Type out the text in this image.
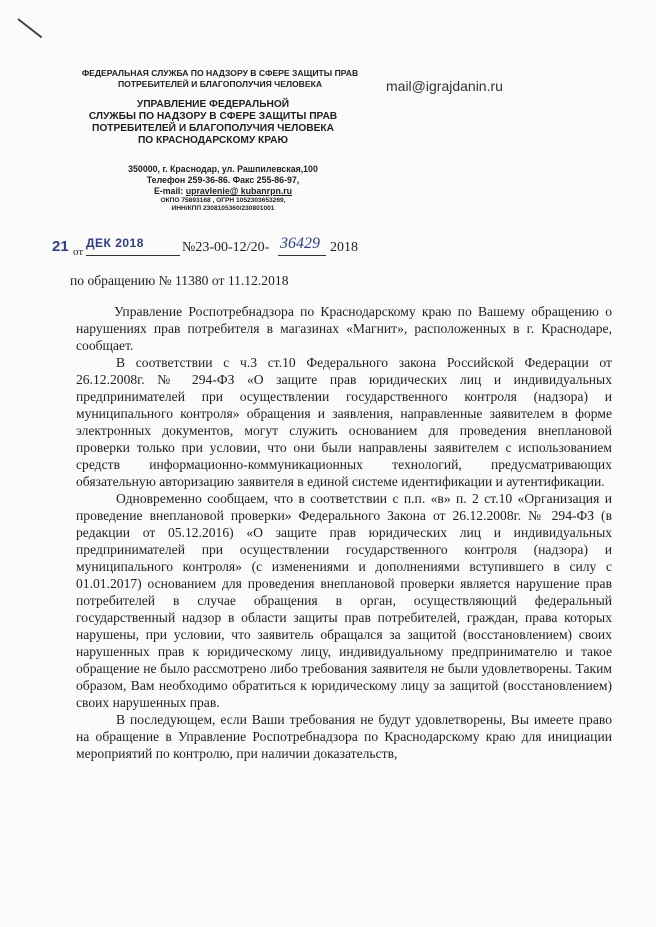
ФЕДЕРАЛЬНАЯ СЛУЖБА ПО НАДЗОРУ В СФЕРЕ ЗАЩИТЫ ПРАВ ПОТРЕБИТЕЛЕЙ И БЛАГОПОЛУЧИЯ ЧЕЛОВЕКА
УПРАВЛЕНИЕ ФЕДЕРАЛЬНОЙ
СЛУЖБЫ ПО НАДЗОРУ В СФЕРЕ ЗАЩИТЫ ПРАВ
ПОТРЕБИТЕЛЕЙ И БЛАГОПОЛУЧИЯ ЧЕЛОВЕКА
ПО КРАСНОДАРСКОМУ КРАЮ
350000, г. Краснодар, ул. Рашпилевская,100
Телефон 259-36-86. Факс 255-86-97,
E-mail: upravlenie@ kubanrpn.ru
ОКПО 75893168 , ОГРН 1052303653269,
ИНН/КПП 2308105360/230801001
mail@igrajdanin.ru
21 от
ДЕК 2018	№23-00-12/20- 36429 2018
по обращению № 11380 от 11.12.2018

Управление Роспотребнадзора по Краснодарскому краю по Вашему обращению о нарушениях прав потребителя в магазинах «Магнит», расположенных в г. Краснодаре, сообщает.

В соответствии с ч.3 ст.10 Федерального закона Российской Федерации от 26.12.2008г. № 294-ФЗ «О защите прав юридических лиц и индивидуальных предпринимателей при осуществлении государственного контроля (надзора) и муниципального контроля» обращения и заявления, направленные заявителем в форме электронных документов, могут служить основанием для проведения внеплановой проверки только при условии, что они были направлены заявителем с использованием средств информационно-коммуникационных технологий, предусматривающих обязательную авторизацию заявителя в единой системе идентификации и аутентификации.

Одновременно сообщаем, что в соответствии с п.п. «в» п. 2 ст.10 «Организация и проведение внеплановой проверки» Федерального Закона от 26.12.2008г. № 294-ФЗ (в редакции от 05.12.2016) «О защите прав юридических лиц и индивидуальных предпринимателей при осуществлении государственного контроля (надзора) и муниципального контроля» (с изменениями и дополнениями вступившего в силу с 01.01.2017) основанием для проведения внеплановой проверки является нарушение прав потребителей в случае обращения в орган, осуществляющий федеральный государственный надзор в области защиты прав потребителей, граждан, права которых нарушены, при условии, что заявитель обращался за защитой (восстановлением) своих нарушенных прав к юридическому лицу, индивидуальному предпринимателю и такое обращение не было рассмотрено либо требования заявителя не были удовлетворены. Таким образом, Вам необходимо обратиться к юридическому лицу за защитой (восстановлением) своих нарушенных прав.

В последующем, если Ваши требования не будут удовлетворены, Вы имеете право на обращение в Управление Роспотребнадзора по Краснодарскому краю для инициации мероприятий по контролю, при наличии доказательств,
